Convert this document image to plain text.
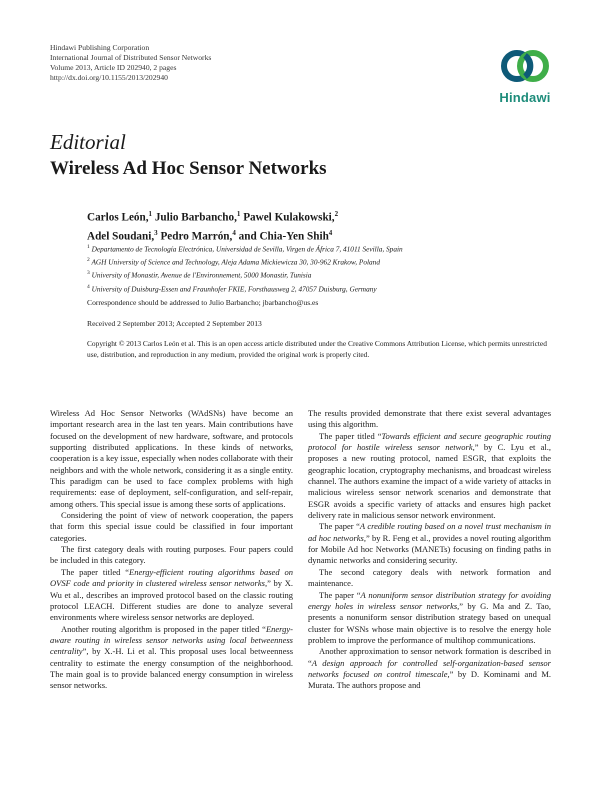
Hindawi Publishing Corporation
International Journal of Distributed Sensor Networks
Volume 2013, Article ID 202940, 2 pages
http://dx.doi.org/10.1155/2013/202940
Hindawi
Editorial
Wireless Ad Hoc Sensor Networks
Carlos León,$^1$ Julio Barbancho,$^1$ Pawel Kulakowski,$^2$
Adel Soudani,$^3$ Pedro Marrón,$^4$ and Chia-Yen Shih$^4$
$^1$ Departamento de Tecnología Electrónica, Universidad de Sevilla, Virgen de África 7, 41011 Sevilla, Spain
$^2$ AGH University of Science and Technology, Aleja Adama Mickiewicza 30, 30-962 Krakow, Poland
$^3$ University of Monastir, Avenue de l'Environnement, 5000 Monastir, Tunisia
$^4$ University of Duisburg-Essen and Fraunhofer FKIE, Forsthausweg 2, 47057 Duisburg, Germany
Correspondence should be addressed to Julio Barbancho; jbarbancho@us.es
Received 2 September 2013; Accepted 2 September 2013
Copyright © 2013 Carlos León et al. This is an open access article distributed under the Creative Commons Attribution License, which permits unrestricted use, distribution, and reproduction in any medium, provided the original work is properly cited.

Wireless Ad Hoc Sensor Networks (WAdSNs) have become an important research area in the last ten years. Main contributions have focused on the development of new hardware, software, and protocols supporting distributed applications. In these kinds of networks, cooperation is a key issue, especially when nodes collaborate with their neighbors and with the whole network, considering it as a single entity. This paradigm can be used to face complex problems with high requirements: ease of deployment, self-configuration, and self-repair, among others. This special issue is among these sorts of applications.

Considering the point of view of network cooperation, the papers that form this special issue could be classified in four important categories.

The first category deals with routing purposes. Four papers could be included in this category.

The paper titled “Energy-efficient routing algorithms based on OVSF code and priority in clustered wireless sensor networks,” by X. Wu et al., describes an improved protocol based on the classic routing protocol LEACH. Different studies are done to analyze several environments where wireless sensor networks are deployed.

Another routing algorithm is proposed in the paper titled “Energy-aware routing in wireless sensor networks using local betweenness centrality”, by X.-H. Li et al. This proposal uses local betweenness centrality to estimate the energy consumption of the neighborhood. The main goal is to provide balanced energy consumption in wireless sensor networks.

The results provided demonstrate that there exist several advantages using this algorithm.

The paper titled “Towards efficient and secure geographic routing protocol for hostile wireless sensor network,” by C. Lyu et al., proposes a new routing protocol, named ESGR, that exploits the geographic location, cryptography mechanisms, and broadcast wireless channel. The authors examine the impact of a wide variety of attacks in malicious wireless sensor network scenarios and demonstrate that ESGR avoids a specific variety of attacks and ensures high packet delivery rate in malicious sensor network environment.

The paper “A credible routing based on a novel trust mechanism in ad hoc networks,” by R. Feng et al., provides a novel routing algorithm for Mobile Ad hoc Networks (MANETs) focusing on finding paths in dynamic networks and considering security.

The second category deals with network formation and maintenance.

The paper “A nonuniform sensor distribution strategy for avoiding energy holes in wireless sensor networks,” by G. Ma and Z. Tao, presents a nonuniform sensor distribution strategy based on unequal cluster for WSNs whose main objective is to resolve the energy hole problem to improve the performance of multihop communications.

Another approximation to sensor network formation is described in “A design approach for controlled self-organization-based sensor networks focused on control timescale,” by D. Kominami and M. Murata. The authors propose and
